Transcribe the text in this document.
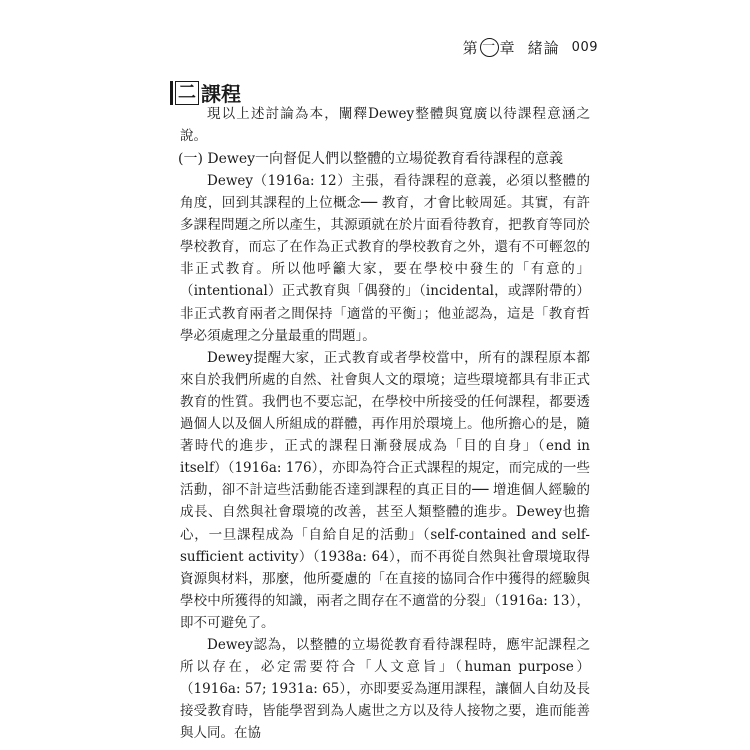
第 一 章 緒論 009
二 課程
現以上述討論為本，闡釋Dewey整體與寬廣以待課程意涵之說。
(一) Dewey一向督促人們以整體的立場從教育看待課程的意義

Dewey（1916a: 12）主張，看待課程的意義，必須以整體的角度，回到其課程的上位概念── 教育，才會比較周延。其實，有許多課程問題之所以產生，其源頭就在於片面看待教育，把教育等同於學校教育，而忘了在作為正式教育的學校教育之外，還有不可輕忽的非正式教育。所以他呼籲大家，要在學校中發生的「有意的」（intentional）正式教育與「偶發的」（incidental，或譯附帶的）非正式教育兩者之間保持「適當的平衡」；他並認為，這是「教育哲學必須處理之分量最重的問題」。

Dewey提醒大家，正式教育或者學校當中，所有的課程原本都來自於我們所處的自然、社會與人文的環境；這些環境都具有非正式教育的性質。我們也不要忘記，在學校中所接受的任何課程，都要透過個人以及個人所組成的群體，再作用於環境上。他所擔心的是，隨著時代的進步，正式的課程日漸發展成為「目的自身」（end in itself）（1916a: 176），亦即為符合正式課程的規定，而完成的一些活動，卻不計這些活動能否達到課程的真正目的── 增進個人經驗的成長、自然與社會環境的改善，甚至人類整體的進步。Dewey也擔心，一旦課程成為「自給自足的活動」（self-contained and self-sufficient activity）（1938a: 64），而不再從自然與社會環境取得資源與材料，那麼，他所憂慮的「在直接的協同合作中獲得的經驗與學校中所獲得的知識，兩者之間存在不適當的分裂」（1916a: 13），即不可避免了。

Dewey認為，以整體的立場從教育看待課程時，應牢記課程之所以存在，必定需要符合「人文意旨」（human purpose）（1916a: 57; 1931a: 65），亦即要妥為運用課程，讓個人自幼及長接受教育時，皆能學習到為人處世之方以及待人接物之要，進而能善與人同。在協
